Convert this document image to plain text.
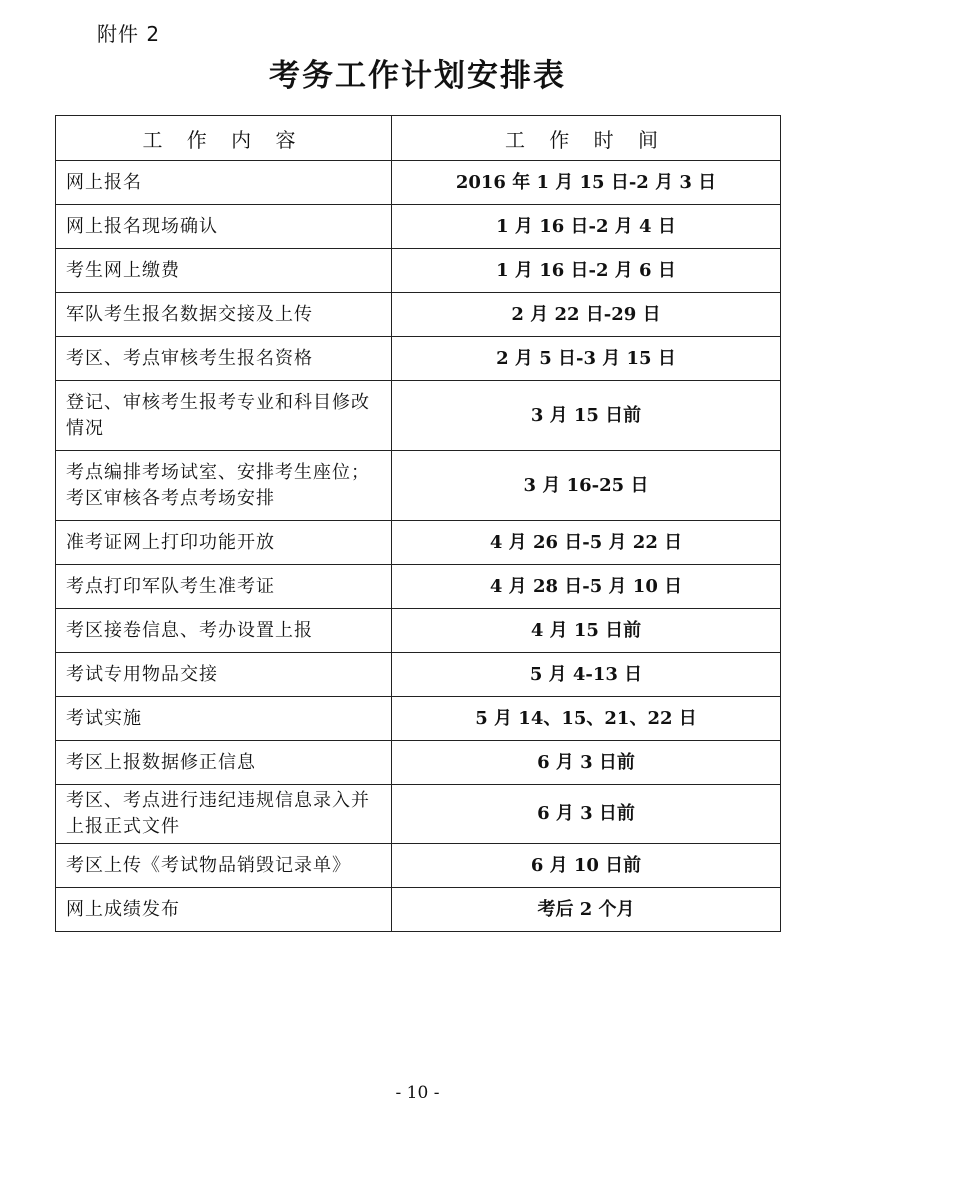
附件 2
考务工作计划安排表
工 作 内 容	工 作 时 间
网上报名	2016 年 1 月 15 日-2 月 3 日
网上报名现场确认	1 月 16 日-2 月 4 日
考生网上缴费	1 月 16 日-2 月 6 日
军队考生报名数据交接及上传	2 月 22 日-29 日
考区、考点审核考生报名资格	2 月 5 日-3 月 15 日
登记、审核考生报考专业和科目修改情况	3 月 15 日前
考点编排考场试室、安排考生座位；考区审核各考点考场安排	3 月 16-25 日
准考证网上打印功能开放	4 月 26 日-5 月 22 日
考点打印军队考生准考证	4 月 28 日-5 月 10 日
考区接卷信息、考办设置上报	4 月 15 日前
考试专用物品交接	5 月 4-13 日
考试实施	5 月 14、15、21、22 日
考区上报数据修正信息	6 月 3 日前
考区、考点进行违纪违规信息录入并上报正式文件	6 月 3 日前
考区上传《考试物品销毁记录单》	6 月 10 日前
网上成绩发布	考后 2 个月
- 10 -
